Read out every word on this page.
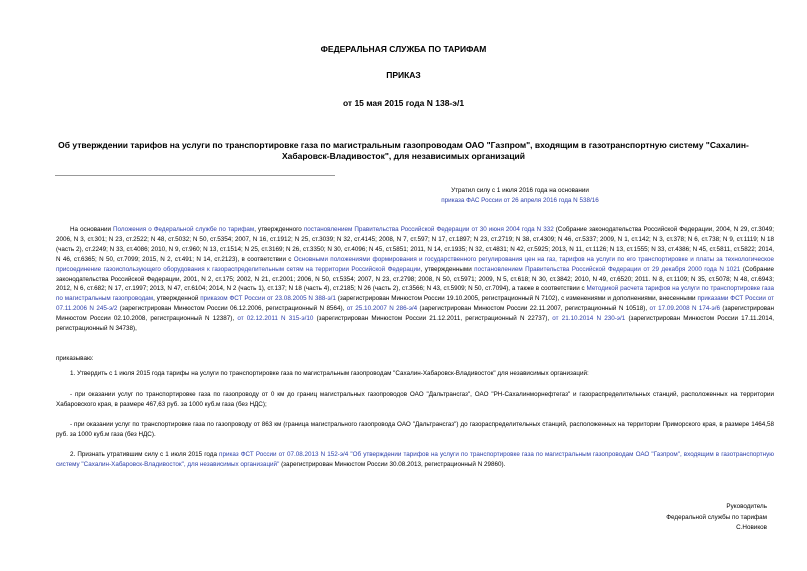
ФЕДЕРАЛЬНАЯ СЛУЖБА ПО ТАРИФАМ
ПРИКАЗ
от 15 мая 2015 года N 138-э/1
Об утверждении тарифов на услуги по транспортировке газа по магистральным газопроводам ОАО "Газпром", входящим в газотранспортную систему "Сахалин-Хабаровск-Владивосток", для независимых организаций
Утратил силу с 1 июля 2016 года на основании
приказа ФАС России от 26 апреля 2016 года N 538/16

На основании Положения о Федеральной службе по тарифам, утвержденного постановлением Правительства Российской Федерации от 30 июня 2004 года N 332 (Собрание законодательства Российской Федерации, 2004, N 29, ст.3049; 2006, N 3, ст.301; N 23, ст.2522; N 48, ст.5032; N 50, ст.5354; 2007, N 16, ст.1912; N 25, ст.3039; N 32, ст.4145; 2008, N 7, ст.597; N 17, ст.1897; N 23, ст.2719; N 38, ст.4309; N 46, ст.5337; 2009, N 1, ст.142; N 3, ст.378; N 6, ст.738; N 9, ст.1119; N 18 (часть 2), ст.2249; N 33, ст.4086; 2010, N 9, ст.960; N 13, ст.1514; N 25, ст.3169; N 26, ст.3350; N 30, ст.4096; N 45, ст.5851; 2011, N 14, ст.1935; N 32, ст.4831; N 42, ст.5925; 2013, N 11, ст.1126; N 13, ст.1555; N 33, ст.4386; N 45, ст.5811, ст.5822; 2014, N 46, ст.6365; N 50, ст.7099; 2015, N 2, ст.491; N 14, ст.2123), в соответствии с Основными положениями формирования и государственного регулирования цен на газ, тарифов на услуги по его транспортировке и платы за технологическое присоединение газоиспользующего оборудования к газораспределительным сетям на территории Российской Федерации, утвержденными постановлением Правительства Российской Федерации от 29 декабря 2000 года N 1021 (Собрание законодательства Российской Федерации, 2001, N 2, ст.175; 2002, N 21, ст.2001; 2006, N 50, ст.5354; 2007, N 23, ст.2798; 2008, N 50, ст.5971; 2009, N 5, ст.618; N 30, ст.3842; 2010, N 49, ст.6520; 2011. N 8, ст.1109; N 35, ст.5078; N 48, ст.6943; 2012, N 6, ст.682; N 17, ст.1997; 2013, N 47, ст.6104; 2014, N 2 (часть 1), ст.137; N 18 (часть 4), ст.2185; N 26 (часть 2), ст.3566; N 43, ст.5909; N 50, ст.7094), а также в соответствии с Методикой расчета тарифов на услуги по транспортировке газа по магистральным газопроводам, утвержденной приказом ФСТ России от 23.08.2005 N 388-э/1 (зарегистрирован Минюстом России 19.10.2005, регистрационный N 7102), с изменениями и дополнениями, внесенными приказами ФСТ России от 07.11.2006 N 245-э/2 (зарегистрирован Минюстом России 06.12.2006, регистрационный N 8564), от 25.10.2007 N 286-э/4 (зарегистрирован Минюстом России 22.11.2007, регистрационный N 10518), от 17.09.2008 N 174-э/6 (зарегистрирован Минюстом России 02.10.2008, регистрационный N 12387), от 02.12.2011 N 315-э/10 (зарегистрирован Минюстом России 21.12.2011, регистрационный N 22737), от 21.10.2014 N 230-э/1 (зарегистрирован Минюстом России 17.11.2014, регистрационный N 34738),

приказываю:

1. Утвердить с 1 июля 2015 года тарифы на услуги по транспортировке газа по магистральным газопроводам "Сахалин-Хабаровск-Владивосток" для независимых организаций:

- при оказании услуг по транспортировке газа по газопроводу от 0 км до границ магистральных газопроводов ОАО "Дальтрансгаз", ОАО "РН-Сахалинморнефтегаз" и газораспределительных станций, расположенных на территории Хабаровского края, в размере 467,63 руб. за 1000 куб.м газа (без НДС);

- при оказании услуг по транспортировке газа по газопроводу от 863 км (граница магистрального газопровода ОАО "Дальтрансгаз") до газораспределительных станций, расположенных на территории Приморского края, в размере 1464,58 руб. за 1000 куб.м газа (без НДС).

2. Признать утратившим силу с 1 июля 2015 года приказ ФСТ России от 07.08.2013 N 152-э/4 "Об утверждении тарифов на услуги по транспортировке газа по магистральным газопроводам ОАО "Газпром", входящим в газотранспортную систему "Сахалин-Хабаровск-Владивосток", для независимых организаций" (зарегистрирован Минюстом России 30.08.2013, регистрационный N 29860).

Руководитель
Федеральной службы по тарифам
С.Новиков
